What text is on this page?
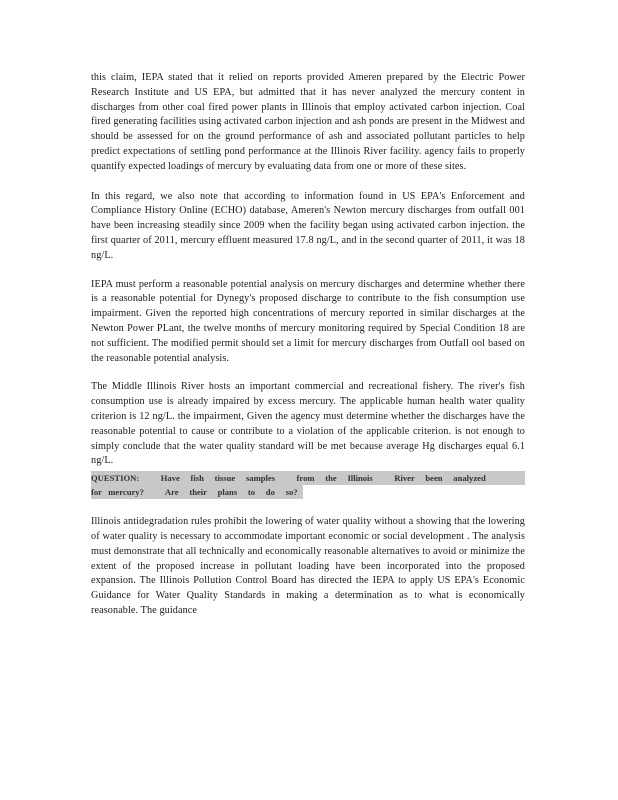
this claim, IEPA stated that it relied on reports provided Ameren prepared by the Electric Power Research Institute and US EPA, but admitted that it has never analyzed the mercury content in discharges from other coal fired power plants in Illinois that employ activated carbon injection. Coal fired generating facilities using activated carbon injection and ash ponds are present in the Midwest and should be assessed for on the ground performance of ash and associated pollutant particles to help predict expectations of settling pond performance at the Illinois River facility. agency fails to properly quantify expected loadings of mercury by evaluating data from one or more of these sites.

In this regard, we also note that according to information found in US EPA's Enforcement and Compliance History Online (ECHO) database, Ameren's Newton mercury discharges from outfall 001 have been increasing steadily since 2009 when the facility began using activated carbon injection. the first quarter of 2011, mercury effluent measured 17.8 ng/L, and in the second quarter of 2011, it was 18 ng/L.

IEPA must perform a reasonable potential analysis on mercury discharges and determine whether there is a reasonable potential for Dynegy's proposed discharge to contribute to the fish consumption use impairment. Given the reported high concentrations of mercury reported in similar discharges at the Newton Power PLant, the twelve months of mercury monitoring required by Special Condition 18 are not sufficient. The modified permit should set a limit for mercury discharges from Outfall ool based on the reasonable potential analysis.

The Middle Illinois River hosts an important commercial and recreational fishery. The river's fish consumption use is already impaired by excess mercury. The applicable human health water quality criterion is 12 ng/L. the impairment, Given the agency must determine whether the discharges have the reasonable potential to cause or contribute to a violation of the applicable criterion. is not enough to simply conclude that the water quality standard will be met because average Hg discharges equal 6.1 ng/L.

QUESTION:          Have     fish     tissue     samples          from     the     Illinois          River     been     analyzed
for   mercury?          Are     their     plans     to     do     so?

Illinois antidegradation rules prohibit the lowering of water quality without a showing that the lowering of water quality is necessary to accommodate important economic or social development . The analysis must demonstrate that all technically and economically reasonable alternatives to avoid or minimize the extent of the proposed increase in pollutant loading have been incorporated into the proposed expansion. The Illinois Pollution Control Board has directed the IEPA to apply US EPA's Economic Guidance for Water Quality Standards in making a determination as to what is economically reasonable. The guidance
